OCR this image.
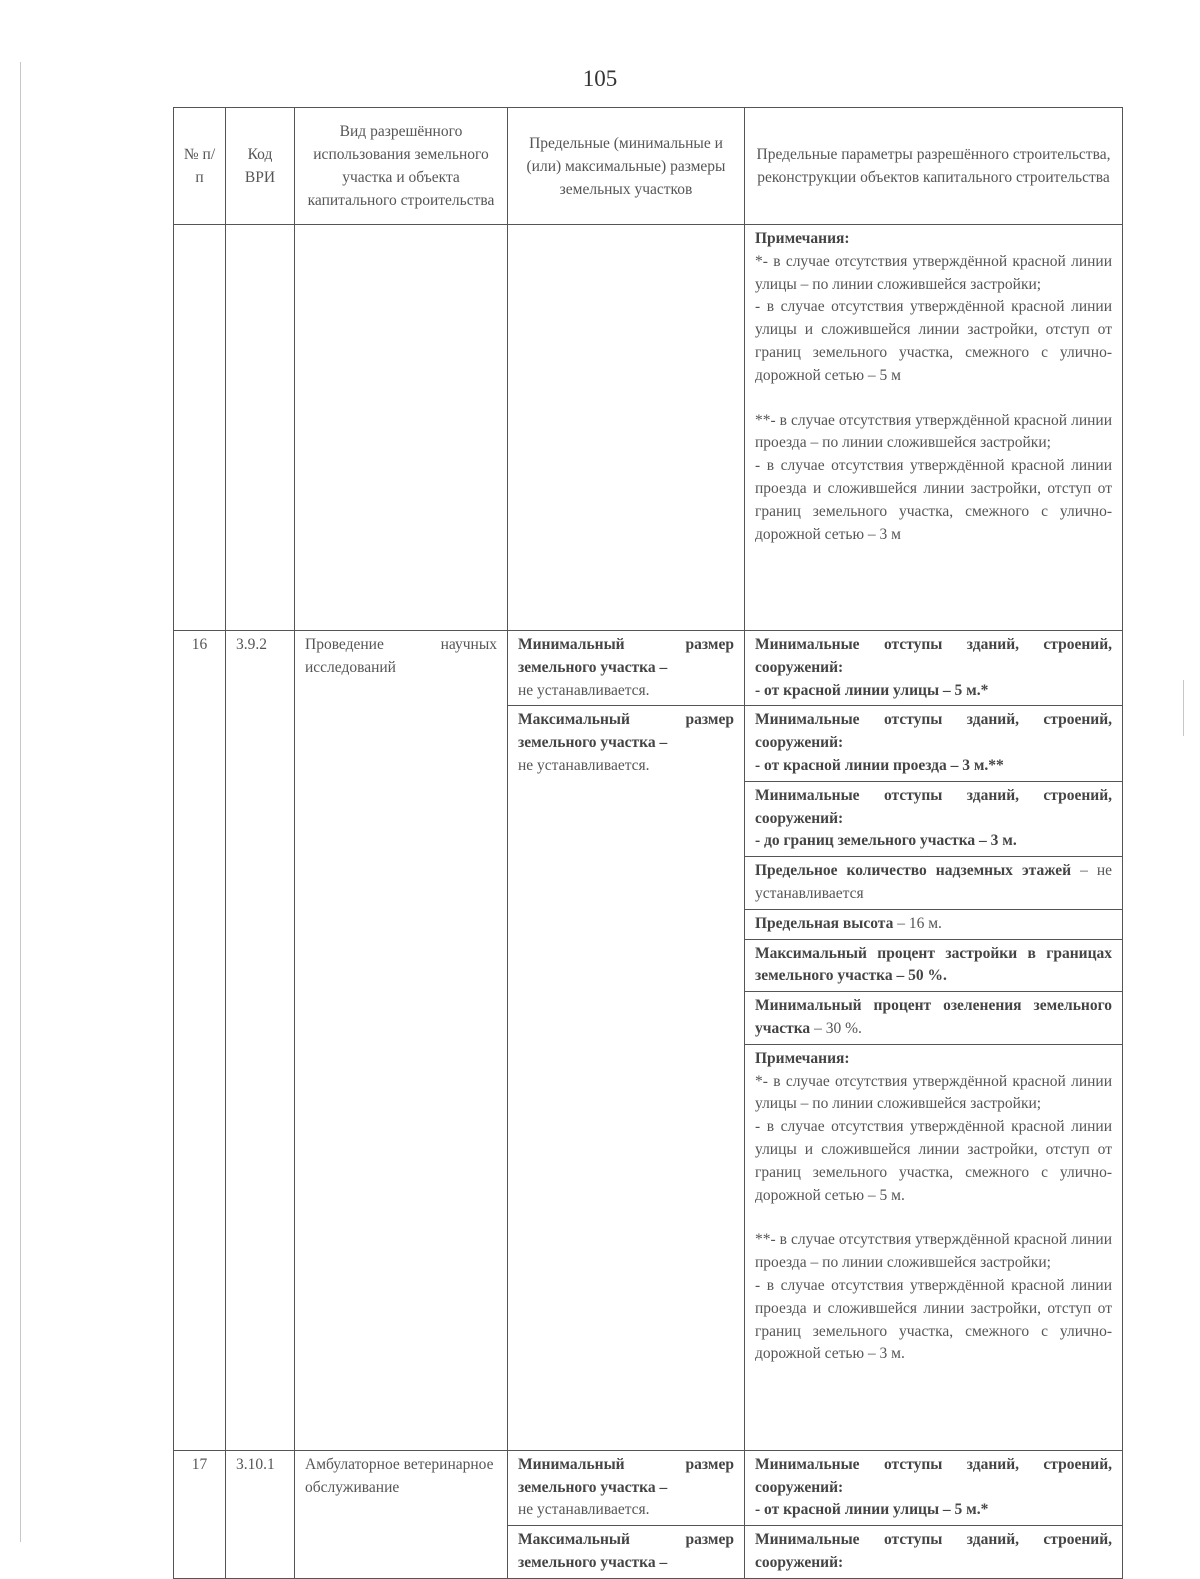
105
№ п/п	Код ВРИ	Вид разрешённого использования земельного участка и объекта капитального строительства	Предельные (минимальные и (или) максимальные) размеры земельных участков	Предельные параметры разрешённого строительства, реконструкции объектов капитального строительства

				Примечания:
*- в случае отсутствия утверждённой красной линии улицы – по линии сложившейся застройки;
- в случае отсутствия утверждённой красной линии улицы и сложившейся линии застройки, отступ от границ земельного участка, смежного с улично-дорожной сетью – 5 м
**- в случае отсутствия утверждённой красной линии проезда – по линии сложившейся застройки;
- в случае отсутствия утверждённой красной линии проезда и сложившейся линии застройки, отступ от границ земельного участка, смежного с улично-дорожной сетью – 3 м

16	3.9.2	Проведение научных исследований	Минимальный размер земельного участка –
не устанавливается.	Минимальные отступы зданий, строений, сооружений:
- от красной линии улицы – 5 м.*

			Максимальный размер земельного участка –
не устанавливается.	Минимальные отступы зданий, строений, сооружений:
- от красной линии проезда – 3 м.**

				Минимальные отступы зданий, строений, сооружений:
- до границ земельного участка – 3 м.

				Предельное количество надземных этажей – не устанавливается
				Предельная высота – 16 м.
				Максимальный процент застройки в границах земельного участка – 50 %.
				Минимальный процент озеленения земельного участка – 30 %.

				Примечания:
*- в случае отсутствия утверждённой красной линии улицы – по линии сложившейся застройки;
- в случае отсутствия утверждённой красной линии улицы и сложившейся линии застройки, отступ от границ земельного участка, смежного с улично-дорожной сетью – 5 м.
**- в случае отсутствия утверждённой красной линии проезда – по линии сложившейся застройки;
- в случае отсутствия утверждённой красной линии проезда и сложившейся линии застройки, отступ от границ земельного участка, смежного с улично-дорожной сетью – 3 м.

17	3.10.1	Амбулаторное ветеринарное обслуживание	Минимальный размер земельного участка –
не устанавливается.	Минимальные отступы зданий, строений, сооружений:
- от красной линии улицы – 5 м.*

			Максимальный размер земельного участка –	Минимальные отступы зданий, строений, сооружений:
